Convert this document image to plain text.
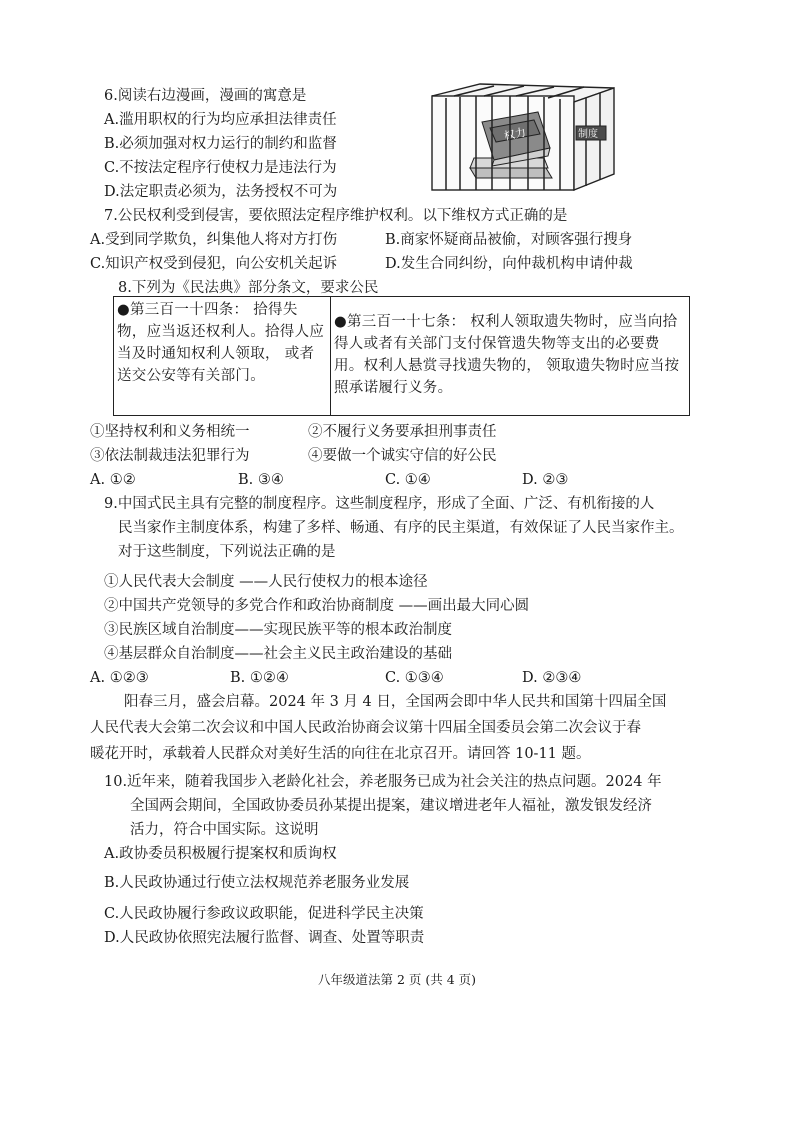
6.阅读右边漫画，漫画的寓意是
A.滥用职权的行为均应承担法律责任
B.必须加强对权力运行的制约和监督
C.不按法定程序行使权力是违法行为
D.法定职责必须为，法务授权不可为
权力	制度
7.公民权利受到侵害，要依照法定程序维护权利。以下维权方式正确的是
A.受到同学欺负，纠集他人将对方打伤	B.商家怀疑商品被偷，对顾客强行搜身
C.知识产权受到侵犯，向公安机关起诉	D.发生合同纠纷，向仲裁机构申请仲裁
8.下列为《民法典》部分条文，要求公民
●第三百一十四条： 拾得失物，应当返还权利人。拾得人应当及时通知权利人领取， 或者送交公安等有关部门。
●第三百一十七条： 权利人领取遗失物时，应当向拾得人或者有关部门支付保管遗失物等支出的必要费用。权利人悬赏寻找遗失物的， 领取遗失物时应当按照承诺履行义务。
①坚持权利和义务相统一	②不履行义务要承担刑事责任
③依法制裁违法犯罪行为	④要做一个诚实守信的好公民
A. ①②	B. ③④	C. ①④	D. ②③
9.中国式民主具有完整的制度程序。这些制度程序，形成了全面、广泛、有机衔接的人
民当家作主制度体系，构建了多样、畅通、有序的民主渠道，有效保证了人民当家作主。
对于这些制度，下列说法正确的是
①人民代表大会制度 ——人民行使权力的根本途径
②中国共产党领导的多党合作和政治协商制度 ——画出最大同心圆
③民族区域自治制度——实现民族平等的根本政治制度
④基层群众自治制度——社会主义民主政治建设的基础
A. ①②③	B. ①②④	C. ①③④	D. ②③④
阳春三月，盛会启幕。2024 年 3 月 4 日，全国两会即中华人民共和国第十四届全国
人民代表大会第二次会议和中国人民政治协商会议第十四届全国委员会第二次会议于春
暖花开时，承载着人民群众对美好生活的向往在北京召开。请回答 10-11 题。
10.近年来，随着我国步入老龄化社会，养老服务已成为社会关注的热点问题。2024 年
全国两会期间，全国政协委员孙某提出提案，建议增进老年人福祉，激发银发经济
活力，符合中国实际。这说明
A.政协委员积极履行提案权和质询权
B.人民政协通过行使立法权规范养老服务业发展
C.人民政协履行参政议政职能，促进科学民主决策
D.人民政协依照宪法履行监督、调查、处置等职责
八年级道法第 2 页 (共 4 页)
